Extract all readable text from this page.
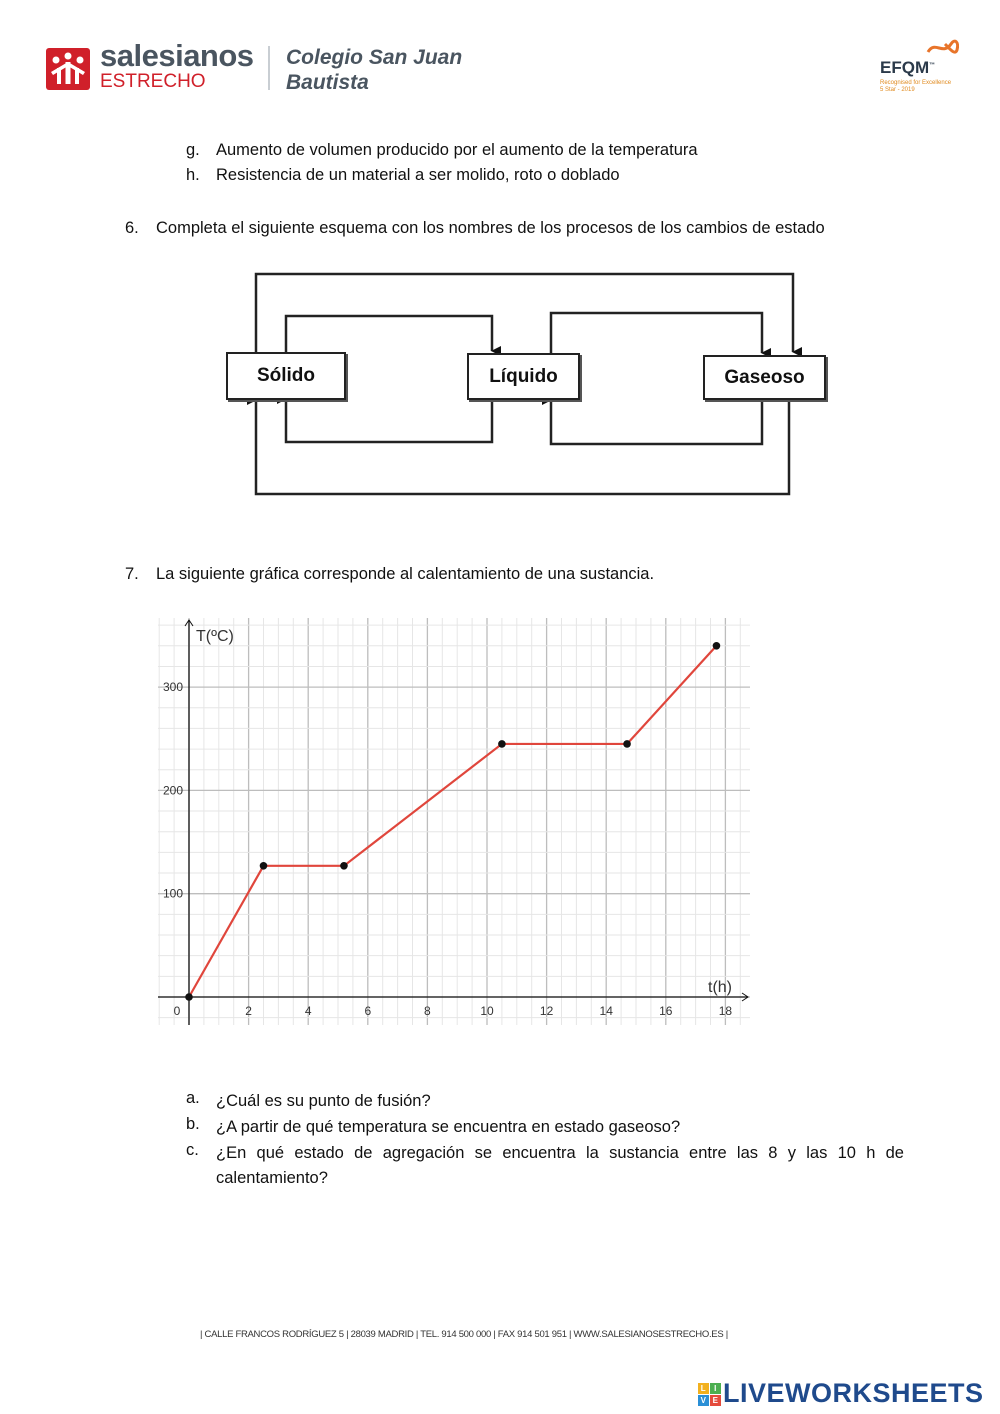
salesianos
ESTRECHO
Colegio San Juan
Bautista
EFQM™
Recognised for Excellence
5 Star - 2019
g. Aumento de volumen producido por el aumento de la temperatura
h. Resistencia de un material a ser molido, roto o doblado
6. Completa el siguiente esquema con los nombres de los procesos de los cambios de estado
Sólido	Líquido	Gaseoso
7. La siguiente gráfica corresponde al calentamiento de una sustancia.
0	2	4	6	8	10	12	14	16	18
100
200
300
T(ºC)
t(h)
a. ¿Cuál es su punto de fusión?
b. ¿A partir de qué temperatura se encuentra en estado gaseoso?
c. ¿En qué estado de agregación se encuentra la sustancia entre las 8 y las 10 h de calentamiento?
| CALLE FRANCOS RODRÍGUEZ 5 | 28039 MADRID | TEL. 914 500 000 | FAX 914 501 951 | WWW.SALESIANOSESTRECHO.ES |
L I
V E LIVEWORKSHEETS
